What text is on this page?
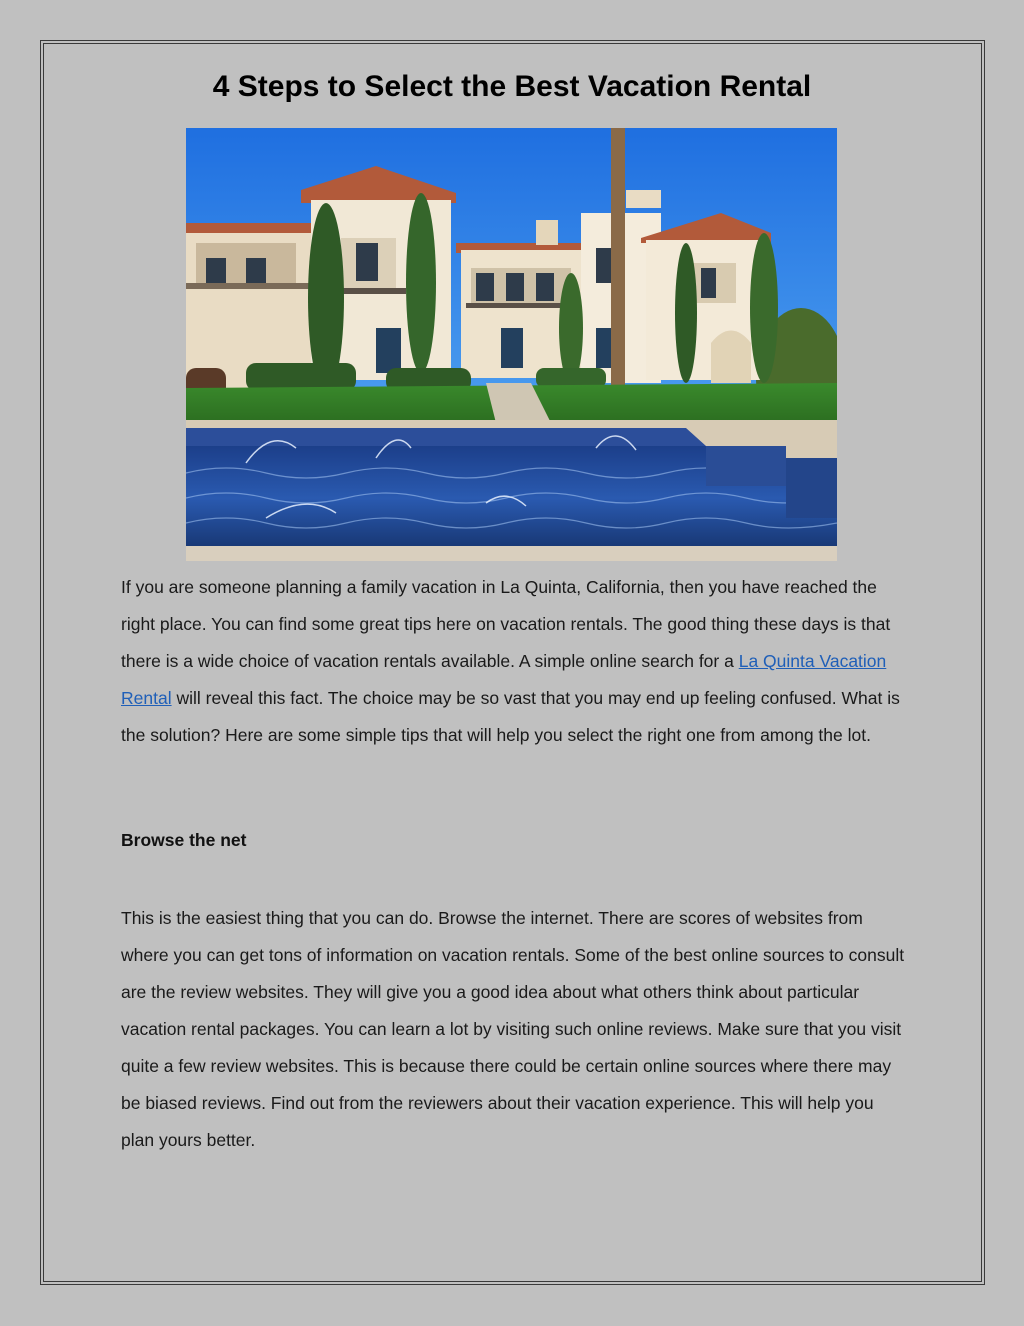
4 Steps to Select the Best Vacation Rental

If you are someone planning a family vacation in La Quinta, California, then you have reached the right place. You can find some great tips here on vacation rentals. The good thing these days is that there is a wide choice of vacation rentals available. A simple online search for a La Quinta Vacation Rental will reveal this fact. The choice may be so vast that you may end up feeling confused. What is the solution? Here are some simple tips that will help you select the right one from among the lot.

Browse the net

This is the easiest thing that you can do. Browse the internet. There are scores of websites from where you can get tons of information on vacation rentals. Some of the best online sources to consult are the review websites. They will give you a good idea about what others think about particular vacation rental packages. You can learn a lot by visiting such online reviews. Make sure that you visit quite a few review websites. This is because there could be certain online sources where there may be biased reviews. Find out from the reviewers about their vacation experience. This will help you plan yours better.
